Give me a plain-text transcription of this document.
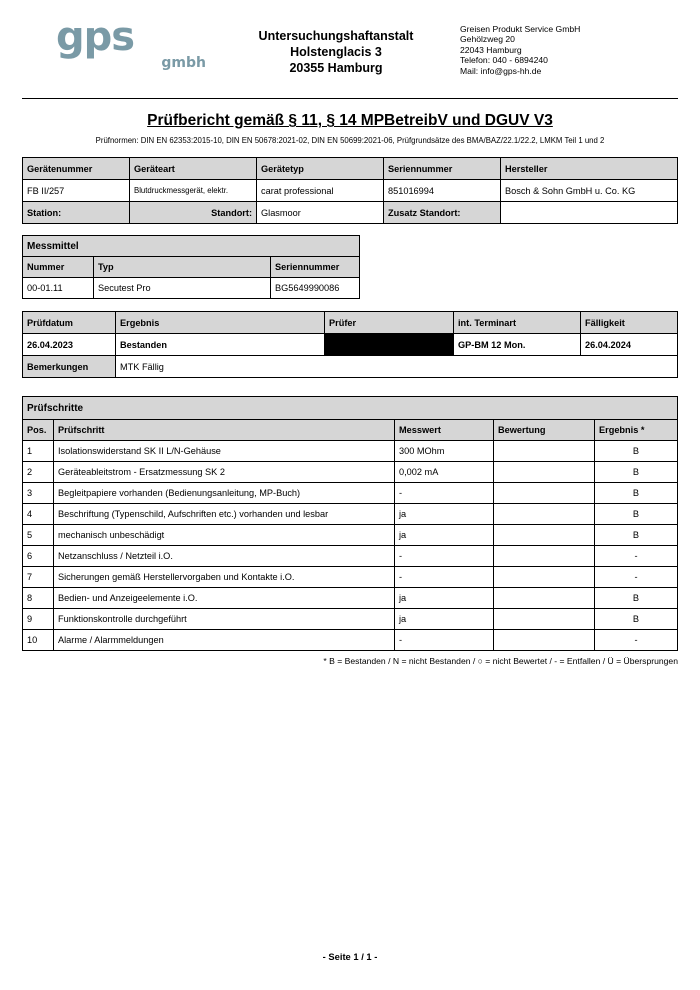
gps
gmbh
Untersuchungshaftanstalt
Holstenglacis 3
20355 Hamburg
Greisen Produkt Service GmbH
Gehölzweg 20
22043 Hamburg
Telefon: 040 - 6894240
Mail: info@gps-hh.de
Prüfbericht gemäß § 11, § 14 MPBetreibV und DGUV V3
Prüfnormen: DIN EN 62353:2015-10, DIN EN 50678:2021-02, DIN EN 50699:2021-06, Prüfgrundsätze des BMA/BAZ/22.1/22.2, LMKM Teil 1 und 2
Gerätenummer	Geräteart	Gerätetyp	Seriennummer	Hersteller
FB II/257	Blutdruckmessgerät, elektr.	carat professional	851016994	Bosch & Sohn GmbH u. Co. KG
Station:	Standort:	Glasmoor	Zusatz Standort:	
Messmittel		
Nummer	Typ	Seriennummer
00-01.11	Secutest Pro	BG5649990086
Prüfdatum	Ergebnis	Prüfer	int. Terminart	Fälligkeit
26.04.2023	Bestanden		GP-BM 12 Mon.	26.04.2024
Bemerkungen	MTK Fällig			
Prüfschritte				
Pos.	Prüfschritt	Messwert	Bewertung	Ergebnis *
1	Isolationswiderstand SK II L/N-Gehäuse	300 MOhm		B
2	Geräteableitstrom - Ersatzmessung SK 2	0,002 mA		B
3	Begleitpapiere vorhanden (Bedienungsanleitung, MP-Buch)	-		B
4	Beschriftung (Typenschild, Aufschriften etc.) vorhanden und lesbar	ja		B
5	mechanisch unbeschädigt	ja		B
6	Netzanschluss / Netzteil i.O.	-		-
7	Sicherungen gemäß Herstellervorgaben und Kontakte i.O.	-		-
8	Bedien- und Anzeigeelemente i.O.	ja		B
9	Funktionskontrolle durchgeführt	ja		B
10	Alarme / Alarmmeldungen	-		-
* B = Bestanden / N = nicht Bestanden / ○ = nicht Bewertet / - = Entfallen / Ü = Übersprungen
- Seite 1 / 1 -
